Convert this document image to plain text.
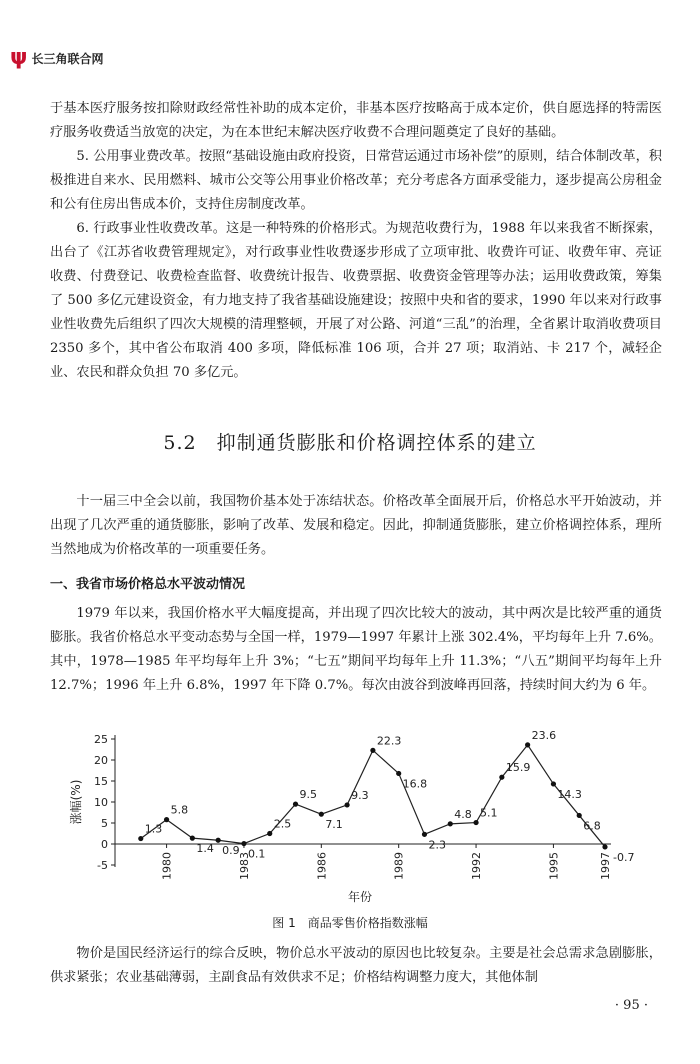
ψ 长三角联合网

于基本医疗服务按扣除财政经常性补助的成本定价，非基本医疗按略高于成本定价，供自愿选择的特需医疗服务收费适当放宽的决定，为在本世纪末解决医疗收费不合理问题奠定了良好的基础。

5. 公用事业费改革。按照“基础设施由政府投资，日常营运通过市场补偿”的原则，结合体制改革，积极推进自来水、民用燃料、城市公交等公用事业价格改革；充分考虑各方面承受能力，逐步提高公房租金和公有住房出售成本价，支持住房制度改革。

6. 行政事业性收费改革。这是一种特殊的价格形式。为规范收费行为，1988 年以来我省不断探索，出台了《江苏省收费管理规定》，对行政事业性收费逐步形成了立项审批、收费许可证、收费年审、亮证收费、付费登记、收费检查监督、收费统计报告、收费票据、收费资金管理等办法；运用收费政策，筹集了 500 多亿元建设资金，有力地支持了我省基础设施建设；按照中央和省的要求，1990 年以来对行政事业性收费先后组织了四次大规模的清理整顿，开展了对公路、河道“三乱”的治理，全省累计取消收费项目 2350 多个，其中省公布取消 400 多项，降低标准 106 项，合并 27 项；取消站、卡 217 个，减轻企业、农民和群众负担 70 多亿元。

5.2　抑制通货膨胀和价格调控体系的建立

十一届三中全会以前，我国物价基本处于冻结状态。价格改革全面展开后，价格总水平开始波动，并出现了几次严重的通货膨胀，影响了改革、发展和稳定。因此，抑制通货膨胀，建立价格调控体系，理所当然地成为价格改革的一项重要任务。

一、我省市场价格总水平波动情况

1979 年以来，我国价格水平大幅度提高，并出现了四次比较大的波动，其中两次是比较严重的通货膨胀。我省价格总水平变动态势与全国一样，1979—1997 年累计上涨 302.4%，平均每年上升 7.6%。其中，1978—1985 年平均每年上升 3%；“七五”期间平均每年上升 11.3%；“八五”期间平均每年上升 12.7%；1996 年上升 6.8%，1997 年下降 0.7%。每次由波谷到波峰再回落，持续时间大约为 6 年。

25
20
15
10
5
0
-5	1980	1983	1986	1989	1992	1995	1997
涨幅(%)
年份
1.3
5.8
1.4 0.9 0.1
2.5
9.5
7.1
9.3
22.3
16.8
2.3
4.8 5.1
15.9
23.6
14.3
6.8
-0.7
图 1　商品零售价格指数涨幅

物价是国民经济运行的综合反映，物价总水平波动的原因也比较复杂。主要是社会总需求急剧膨胀，供求紧张；农业基础薄弱，主副食品有效供求不足；价格结构调整力度大，其他体制

· 95 ·
